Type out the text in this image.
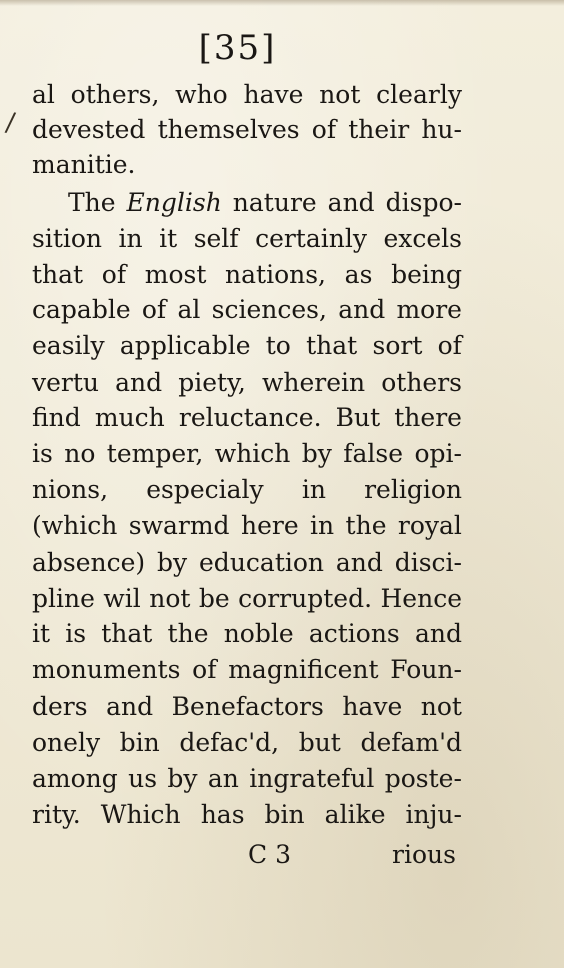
[35]
/
al others, who have not clearly
devested themselves of their hu-
manitie.
The English nature and dispo-
sition in it self certainly excels
that of most nations, as being
capable of al sciences, and more
easily applicable to that sort of
vertu and piety, wherein others
find much reluctance. But there
is no temper, which by false opi-
nions, especialy in religion
(which swarmd here in the royal
absence) by education and disci-
pline wil not be corrupted. Hence
it is that the noble actions and
monuments of magnificent Foun-
ders and Benefactors have not
onely bin defac'd, but defam'd
among us by an ingrateful poste-
rity. Which has bin alike inju-
C 3	rious
